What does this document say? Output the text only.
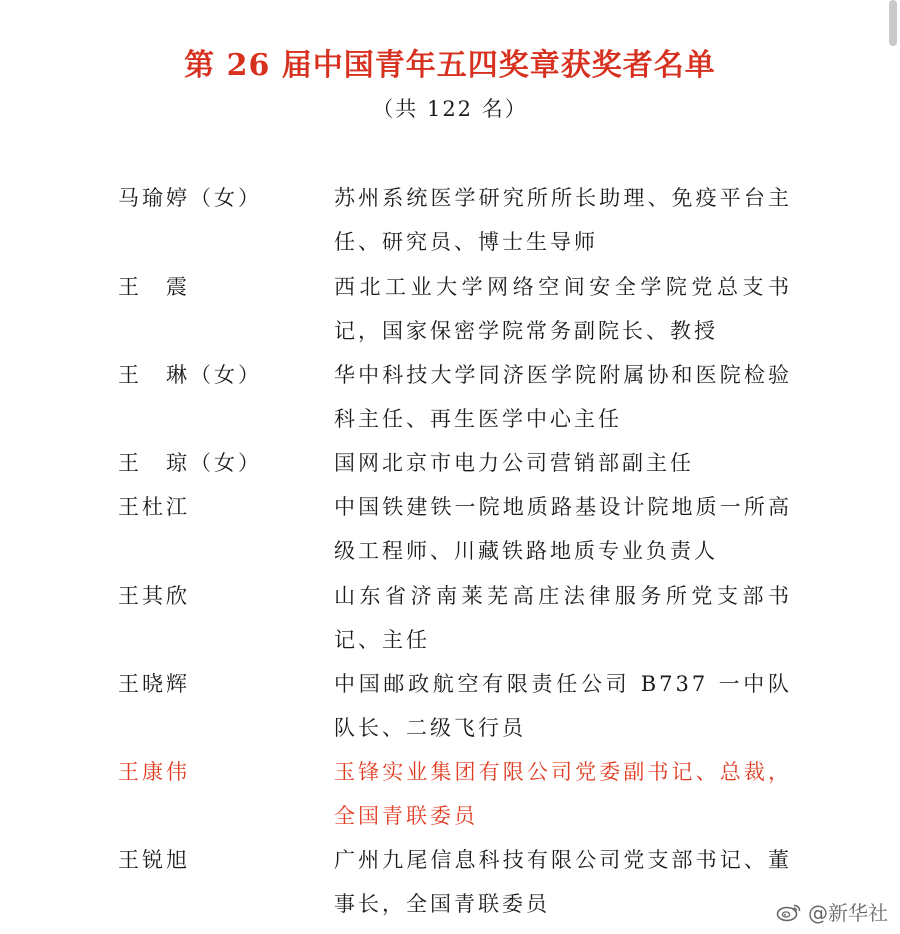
第 26 届中国青年五四奖章获奖者名单
（共 122 名）
马瑜婷（女）	苏州系统医学研究所所长助理、免疫平台主任、研究员、博士生导师
王　震	西北工业大学网络空间安全学院党总支书记，国家保密学院常务副院长、教授
王　琳（女）	华中科技大学同济医学院附属协和医院检验科主任、再生医学中心主任
王　琼（女）	国网北京市电力公司营销部副主任
王杜江	中国铁建铁一院地质路基设计院地质一所高级工程师、川藏铁路地质专业负责人
王其欣	山东省济南莱芜高庄法律服务所党支部书记、主任
王晓辉	中国邮政航空有限责任公司 B737 一中队队长、二级飞行员
王康伟	玉锋实业集团有限公司党委副书记、总裁，全国青联委员
王锐旭	广州九尾信息科技有限公司党支部书记、董事长，全国青联委员	@新华社
